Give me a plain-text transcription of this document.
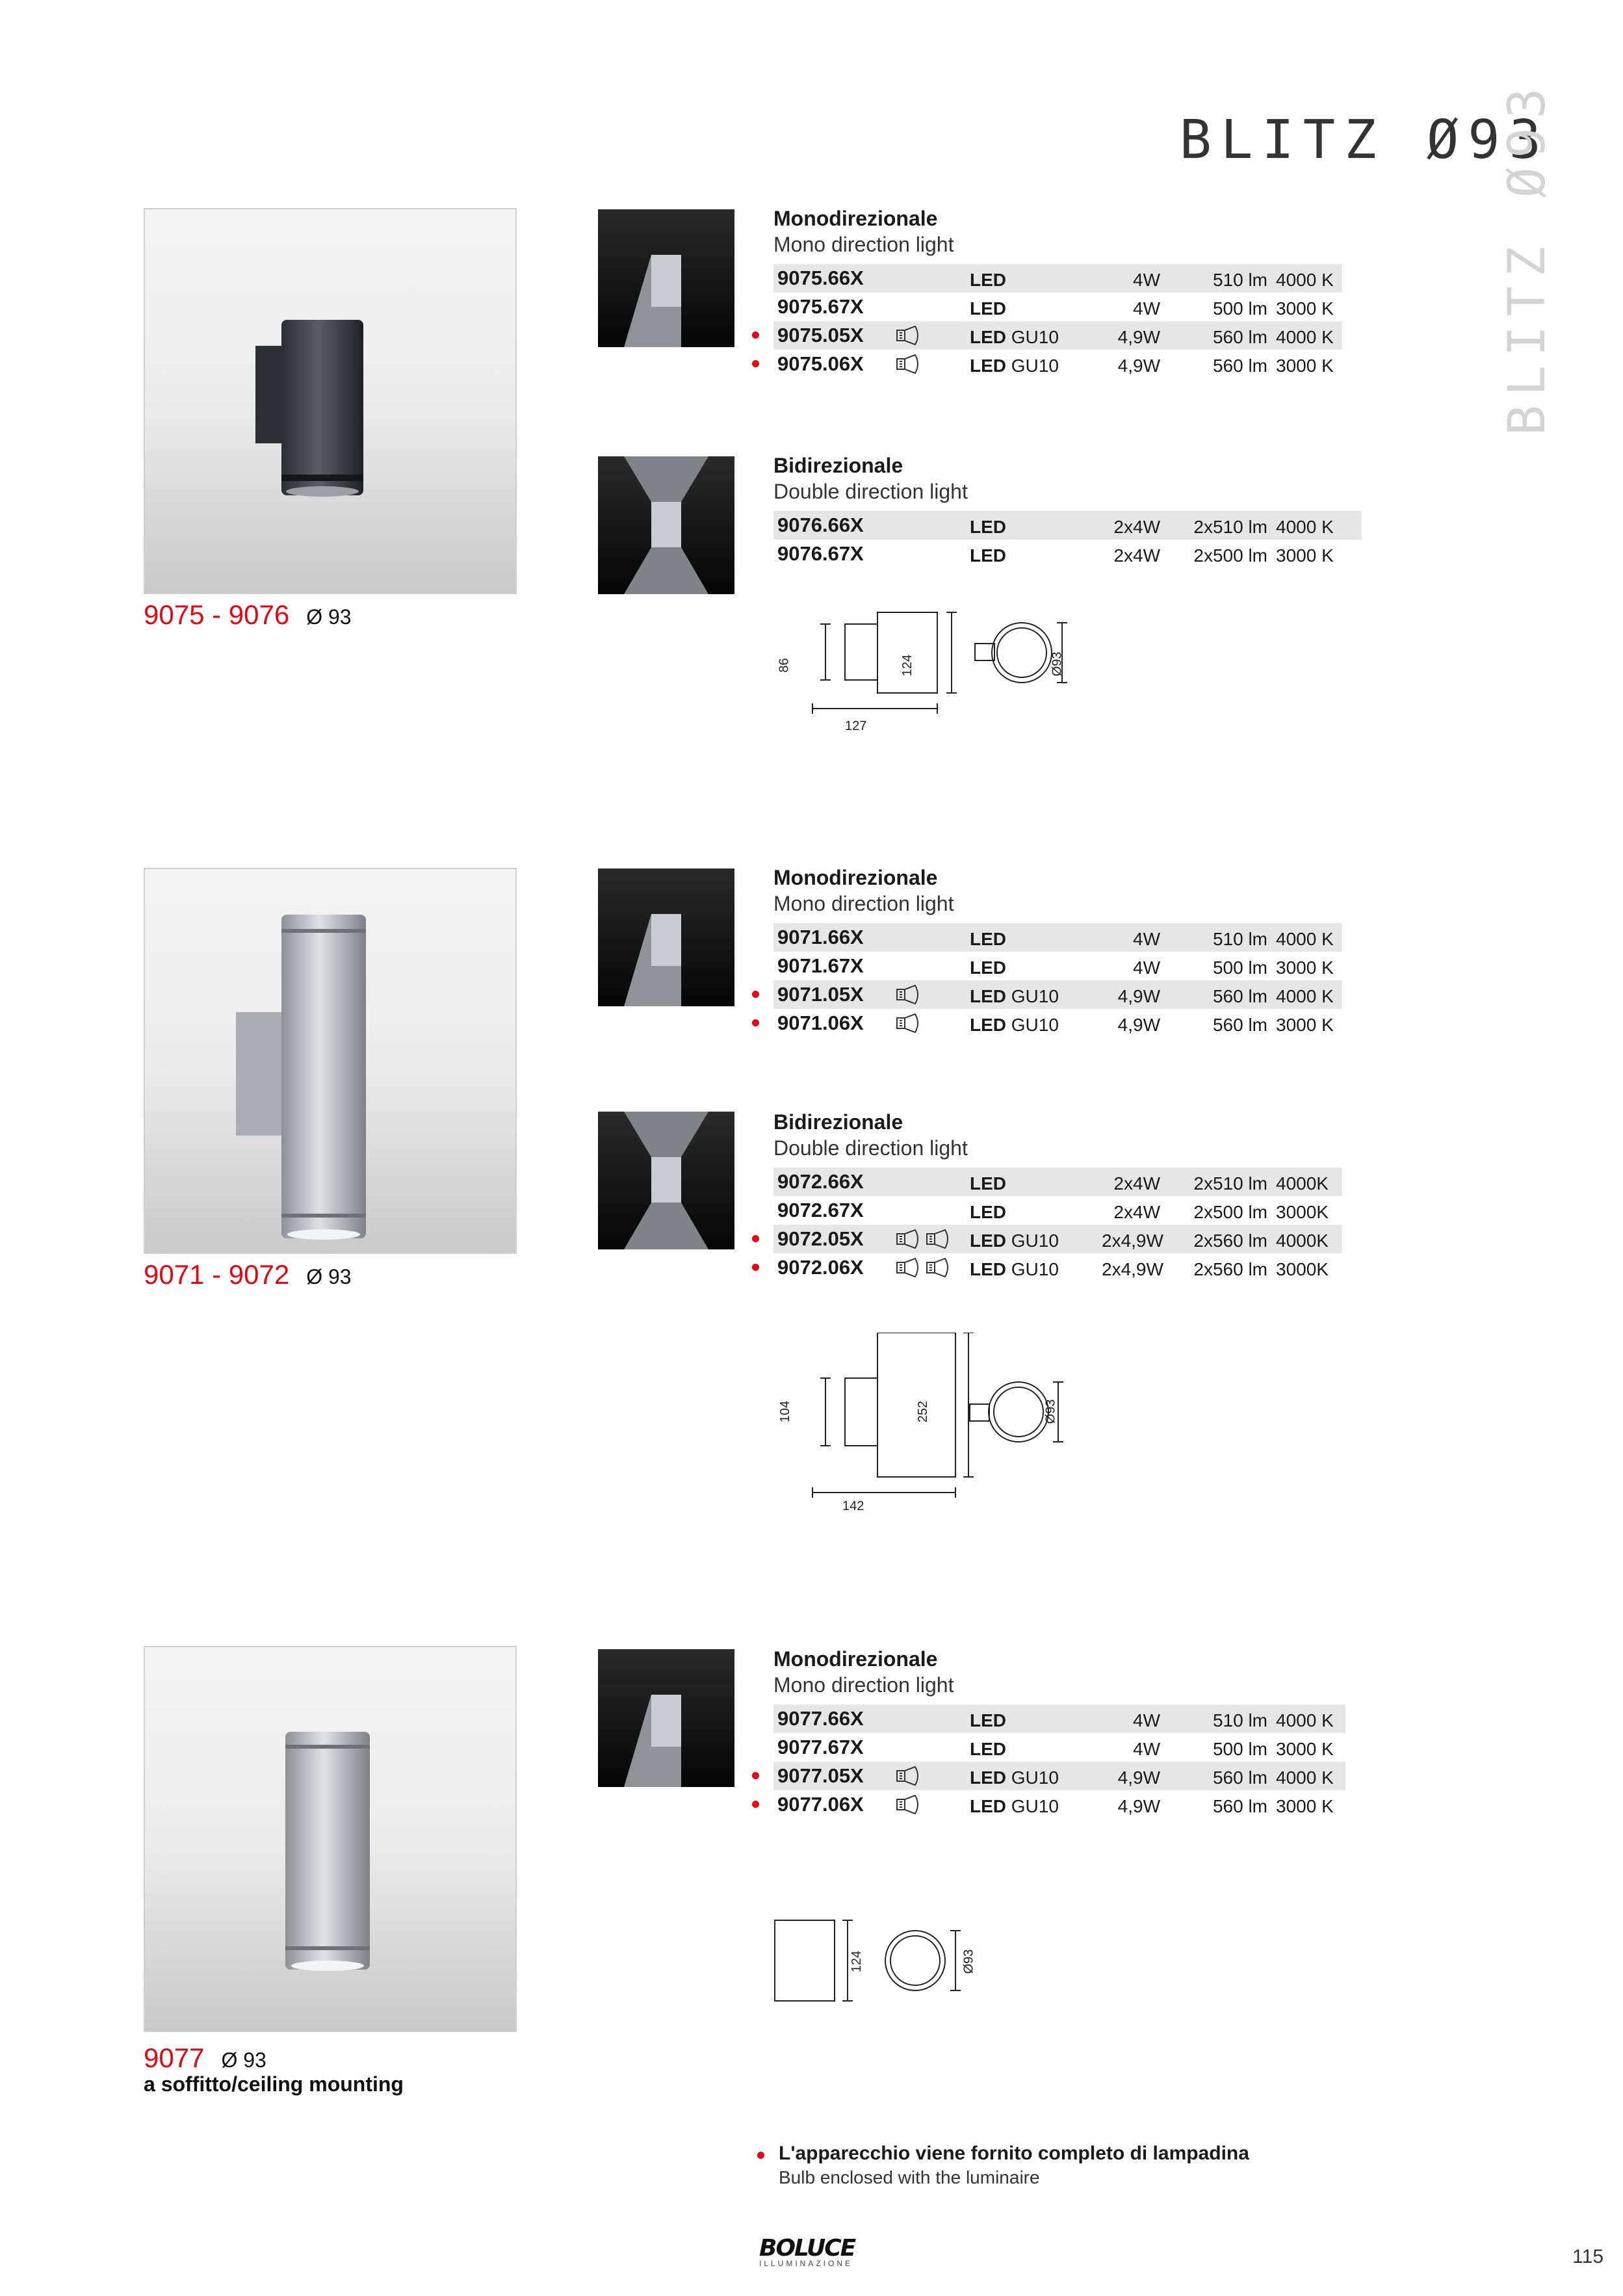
BLITZ Ø93
BLITZ Ø93
9075 - 9076 Ø 93
9071 - 9072 Ø 93
9077 Ø 93
a soffitto/ceiling mounting
Monodirezionale
Mono direction light
Bidirezionale
Double direction light
Monodirezionale
Mono direction light
Bidirezionale
Double direction light
Monodirezionale
Mono direction light
9075.66X	LED	4W	510 lm 4000 K
9075.67X	LED	4W	500 lm 3000 K
9075.05X	LED GU10	4,9W	560 lm 4000 K
9075.06X	LED GU10	4,9W	560 lm 3000 K
9076.66X	LED	2x4W	2x510 lm 4000 K
9076.67X	LED	2x4W	2x500 lm 3000 K
9071.66X	LED	4W	510 lm 4000 K
9071.67X	LED	4W	500 lm 3000 K
9071.05X	LED GU10	4,9W	560 lm 4000 K
9071.06X	LED GU10	4,9W	560 lm 3000 K
9072.66X	LED	2x4W	2x510 lm 4000K
9072.67X	LED	2x4W	2x500 lm 3000K
9072.05X	LED GU10 2x4,9W	2x560 lm 4000K
9072.06X	LED GU10 2x4,9W	2x560 lm 3000K
9077.66X	LED	4W	510 lm 4000 K
9077.67X	LED	4W	500 lm 3000 K
9077.05X	LED GU10	4,9W	560 lm 4000 K
9077.06X	LED GU10	4,9W	560 lm 3000 K
86	124
127
Ø93
104	252
142
Ø93
124	Ø93
L'apparecchio viene fornito completo di lampadina
Bulb enclosed with the luminaire
BOLUCE
ILLUMINAZIONE	115
